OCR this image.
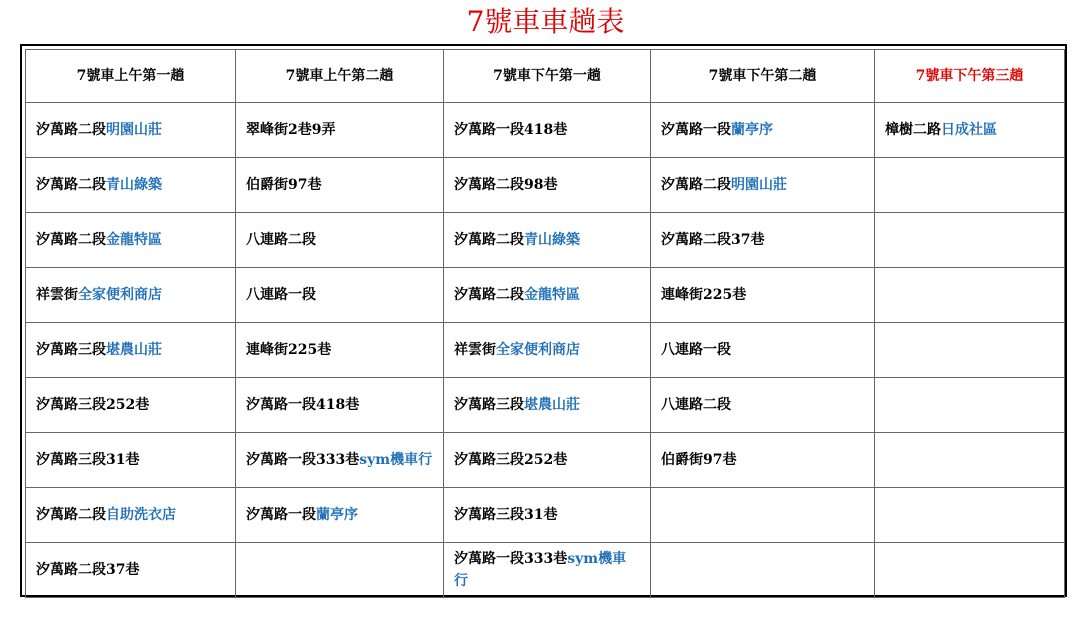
7號車車趟表
7號車上午第一趟	7號車上午第二趟	7號車下午第一趟	7號車下午第二趟	7號車下午第三趟
汐萬路二段明園山莊	翠峰街2巷9弄	汐萬路一段418巷	汐萬路一段蘭亭序	樟樹二路日成社區
汐萬路二段青山綠築	伯爵街97巷	汐萬路二段98巷	汐萬路二段明園山莊	
汐萬路二段金龍特區	八連路二段	汐萬路二段青山綠築	汐萬路二段37巷	
祥雲街全家便利商店	八連路一段	汐萬路二段金龍特區	連峰街225巷	
汐萬路三段堪農山莊	連峰街225巷	祥雲街全家便利商店	八連路一段	
汐萬路三段252巷	汐萬路一段418巷	汐萬路三段堪農山莊	八連路二段	
汐萬路三段31巷	汐萬路一段333巷sym機車行	汐萬路三段252巷	伯爵街97巷	
汐萬路二段自助洗衣店	汐萬路一段蘭亭序	汐萬路三段31巷		
汐萬路二段37巷		汐萬路一段333巷sym機車行		
